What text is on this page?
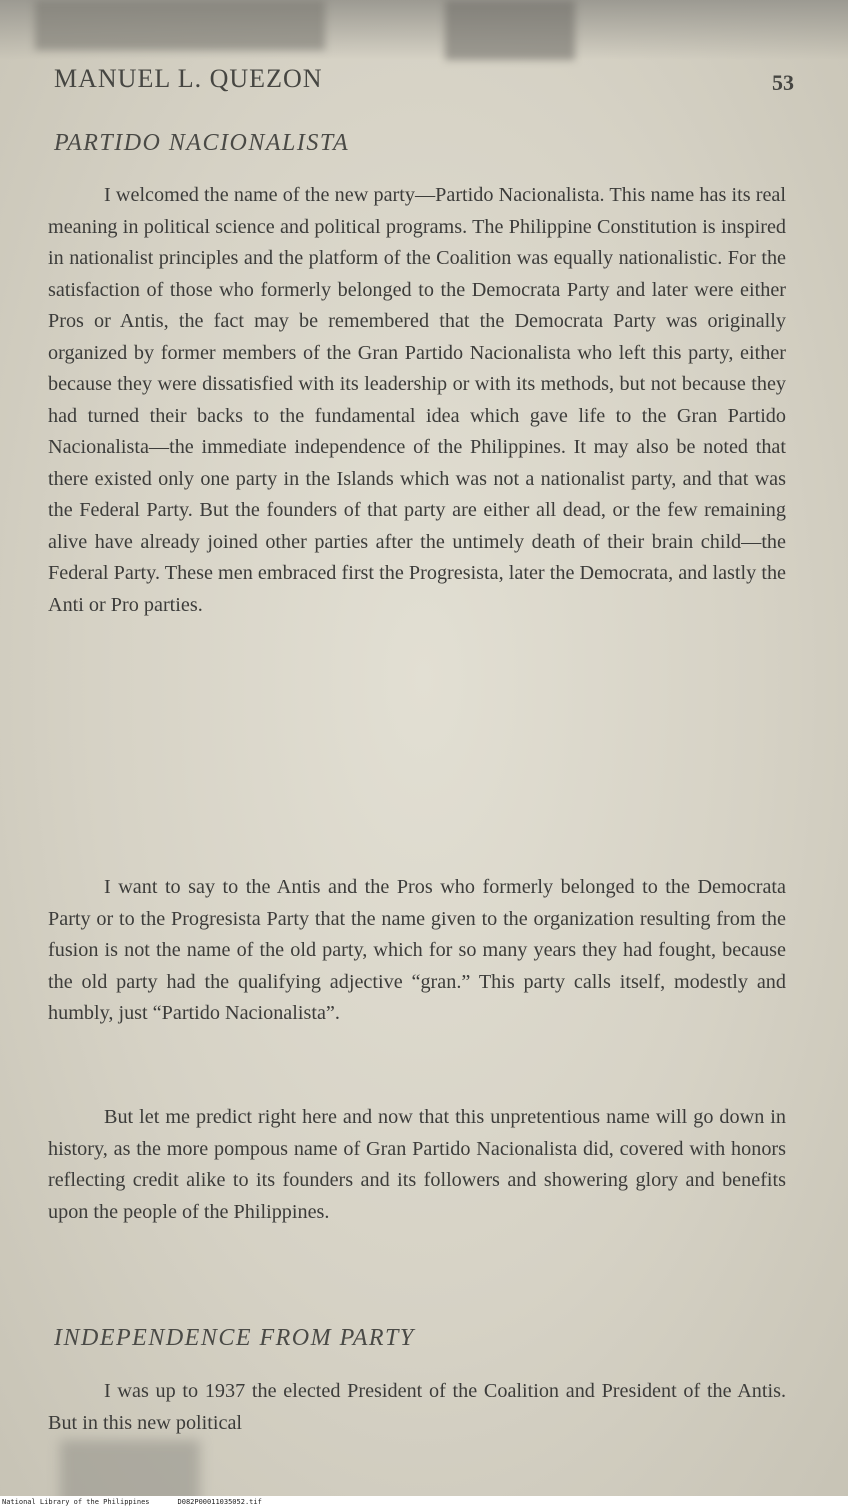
MANUEL L. QUEZON	53
PARTIDO NACIONALISTA

I welcomed the name of the new party—Partido Nacionalista. This name has its real meaning in political science and political programs. The Philippine Constitution is inspired in nationalist principles and the platform of the Coalition was equally nationalistic. For the satisfaction of those who formerly belonged to the Democrata Party and later were either Pros or Antis, the fact may be remembered that the Democrata Party was originally organized by former members of the Gran Partido Nacionalista who left this party, either because they were dissatisfied with its leadership or with its methods, but not because they had turned their backs to the fundamental idea which gave life to the Gran Partido Nacionalista—the immediate independence of the Philippines. It may also be noted that there existed only one party in the Islands which was not a nationalist party, and that was the Federal Party. But the founders of that party are either all dead, or the few remaining alive have already joined other parties after the untimely death of their brain child—the Federal Party. These men embraced first the Progresista, later the Democrata, and lastly the Anti or Pro parties.

I want to say to the Antis and the Pros who formerly belonged to the Democrata Party or to the Progresista Party that the name given to the organization resulting from the fusion is not the name of the old party, which for so many years they had fought, because the old party had the qualifying adjective “gran.” This party calls itself, modestly and humbly, just “Partido Nacionalista”.

But let me predict right here and now that this unpretentious name will go down in history, as the more pompous name of Gran Partido Nacionalista did, covered with honors reflecting credit alike to its founders and its followers and showering glory and benefits upon the people of the Philippines.

INDEPENDENCE FROM PARTY

I was up to 1937 the elected President of the Coalition and President of the Antis. But in this new political

National Library of the Philippines	D082P00011035052.tif
